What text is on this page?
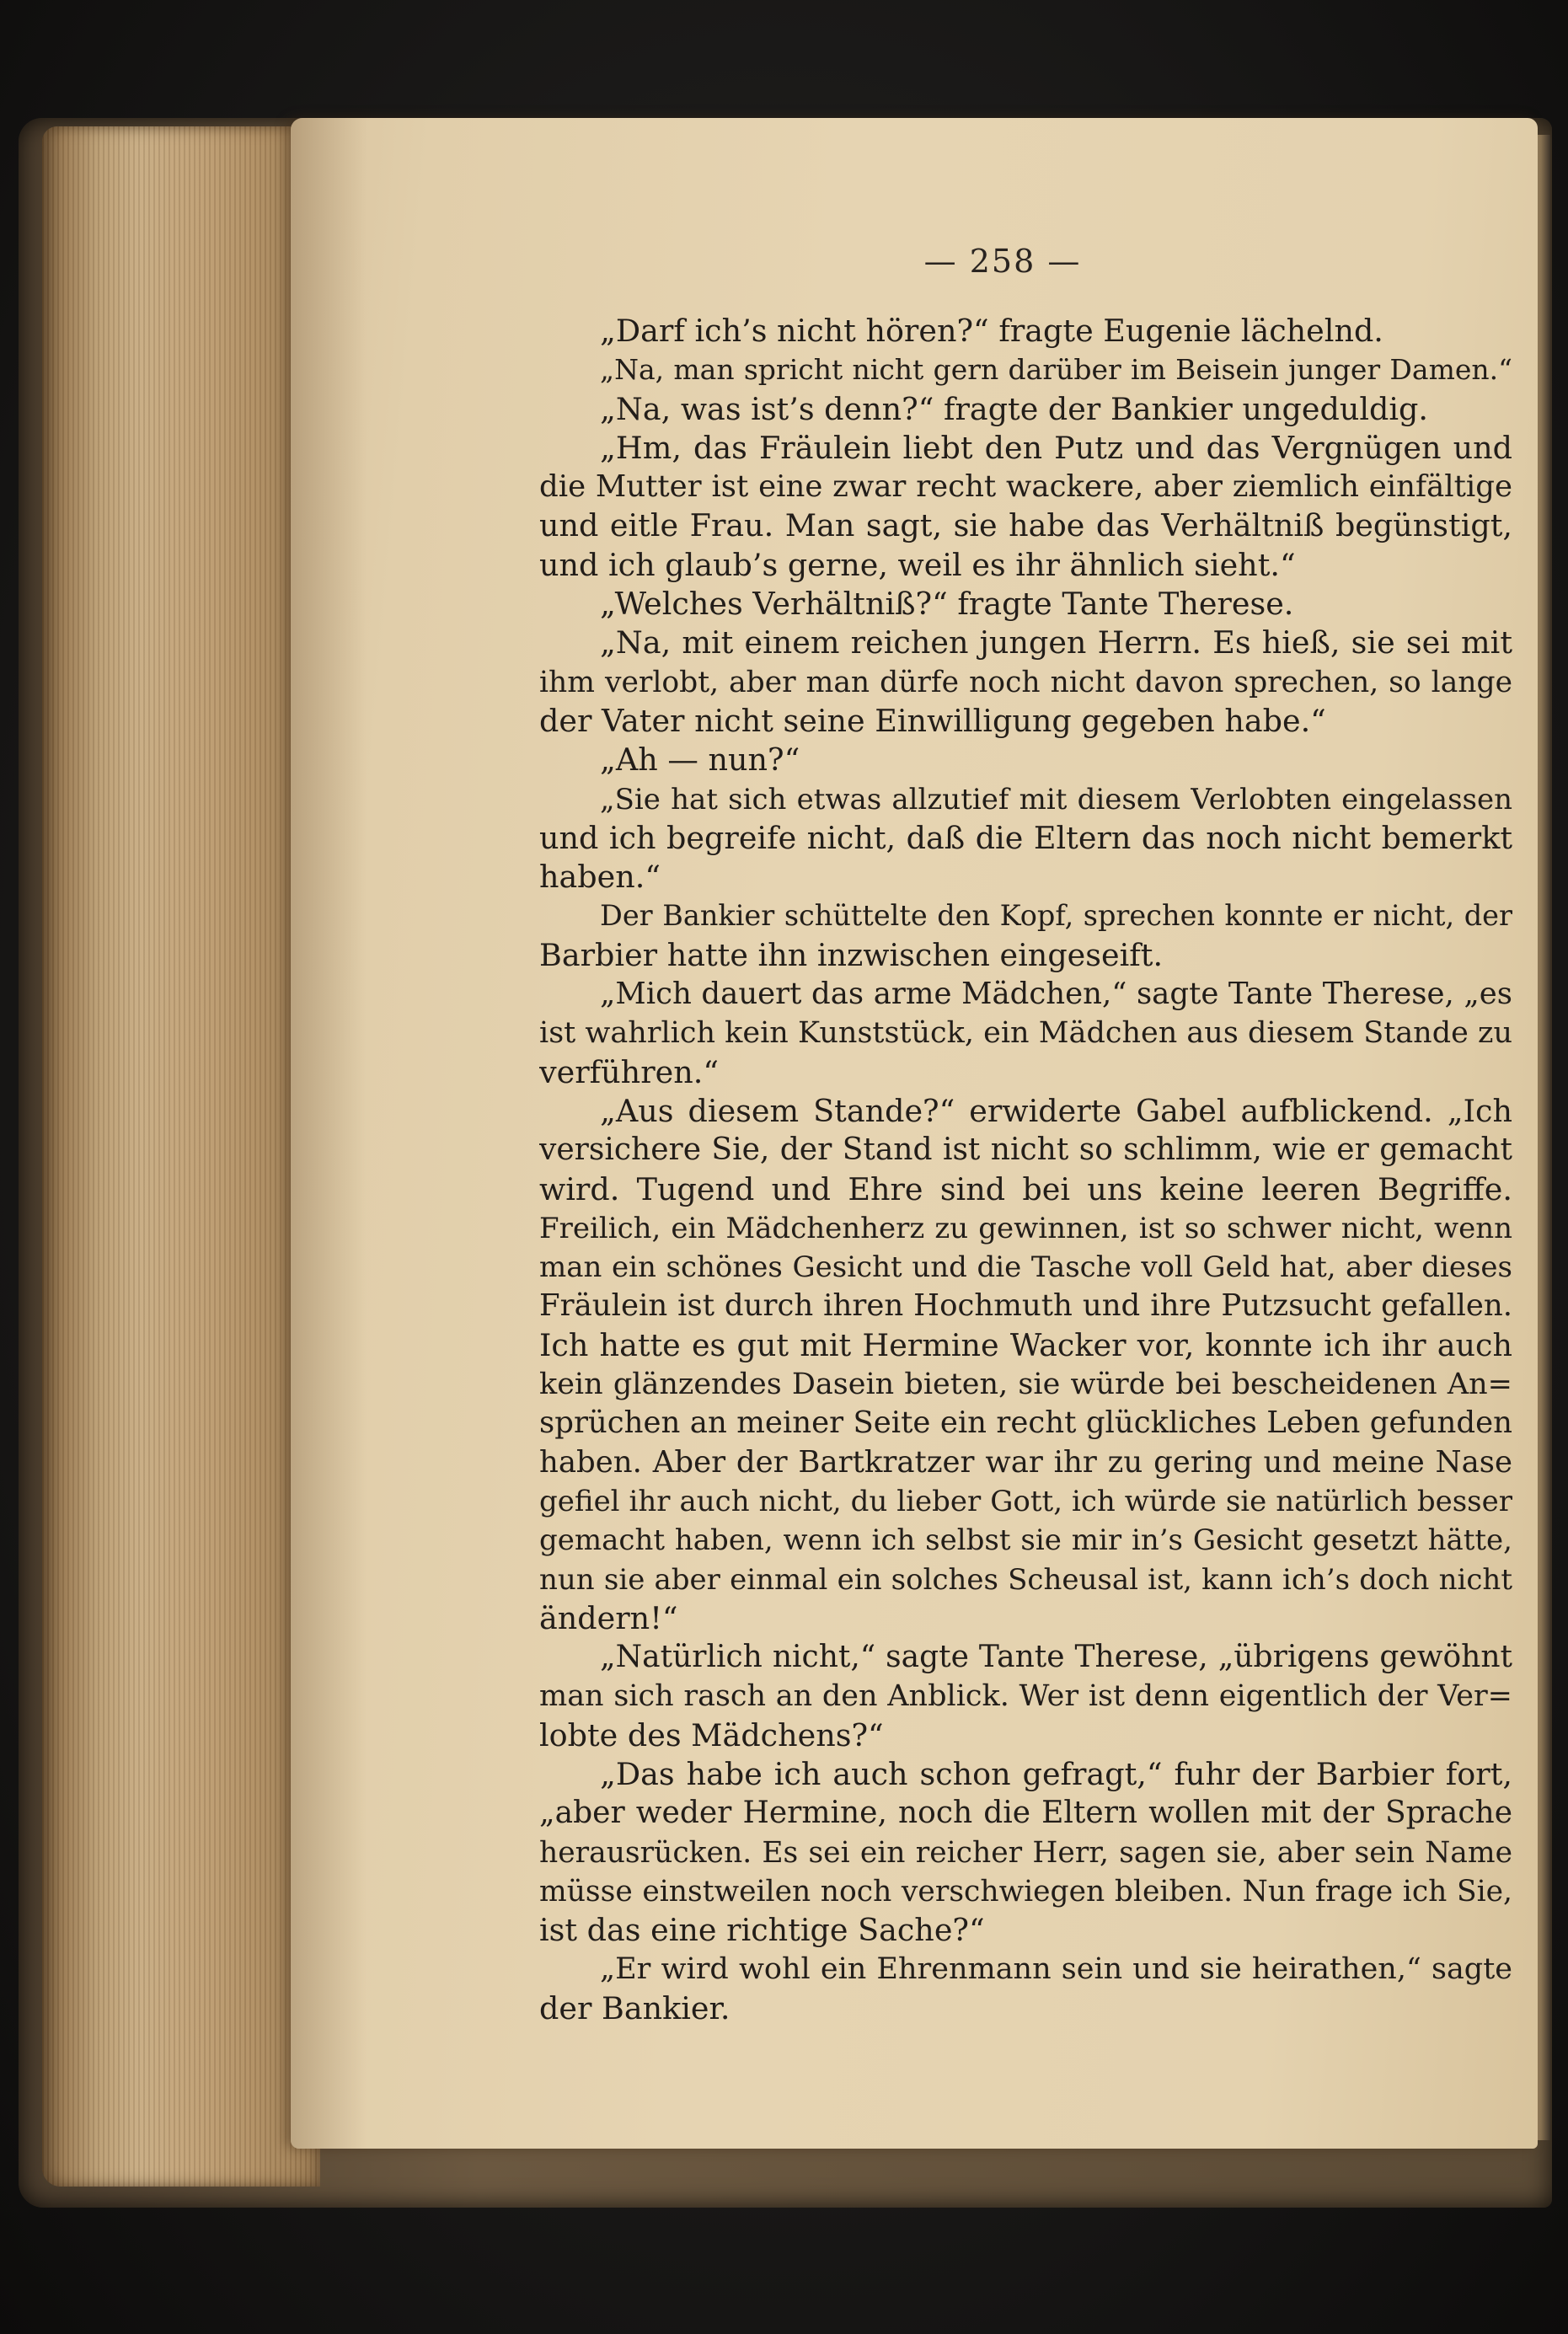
— 258 —
„Darf ich’s nicht hören?“ fragte Eugenie lächelnd.
„Na, man spricht nicht gern darüber im Beisein junger Damen.“
„Na, was ist’s denn?“ fragte der Bankier ungeduldig.
„Hm, das Fräulein liebt den Putz und das Vergnügen und
die Mutter ist eine zwar recht wackere, aber ziemlich einfältige
und eitle Frau. Man sagt, sie habe das Verhältniß begünstigt,
und ich glaub’s gerne, weil es ihr ähnlich sieht.“
„Welches Verhältniß?“ fragte Tante Therese.
„Na, mit einem reichen jungen Herrn. Es hieß, sie sei mit
ihm verlobt, aber man dürfe noch nicht davon sprechen, so lange
der Vater nicht seine Einwilligung gegeben habe.“
„Ah — nun?“
„Sie hat sich etwas allzutief mit diesem Verlobten eingelassen
und ich begreife nicht, daß die Eltern das noch nicht bemerkt
haben.“
Der Bankier schüttelte den Kopf, sprechen konnte er nicht, der
Barbier hatte ihn inzwischen eingeseift.
„Mich dauert das arme Mädchen,“ sagte Tante Therese, „es
ist wahrlich kein Kunststück, ein Mädchen aus diesem Stande zu
verführen.“
„Aus diesem Stande?“ erwiderte Gabel aufblickend. „Ich
versichere Sie, der Stand ist nicht so schlimm, wie er gemacht
wird. Tugend und Ehre sind bei uns keine leeren Begriffe.
Freilich, ein Mädchenherz zu gewinnen, ist so schwer nicht, wenn
man ein schönes Gesicht und die Tasche voll Geld hat, aber dieses
Fräulein ist durch ihren Hochmuth und ihre Putzsucht gefallen.
Ich hatte es gut mit Hermine Wacker vor, konnte ich ihr auch
kein glänzendes Dasein bieten, sie würde bei bescheidenen An=
sprüchen an meiner Seite ein recht glückliches Leben gefunden
haben. Aber der Bartkratzer war ihr zu gering und meine Nase
gefiel ihr auch nicht, du lieber Gott, ich würde sie natürlich besser
gemacht haben, wenn ich selbst sie mir in’s Gesicht gesetzt hätte,
nun sie aber einmal ein solches Scheusal ist, kann ich’s doch nicht
ändern!“
„Natürlich nicht,“ sagte Tante Therese, „übrigens gewöhnt
man sich rasch an den Anblick. Wer ist denn eigentlich der Ver=
lobte des Mädchens?“
„Das habe ich auch schon gefragt,“ fuhr der Barbier fort,
„aber weder Hermine, noch die Eltern wollen mit der Sprache
herausrücken. Es sei ein reicher Herr, sagen sie, aber sein Name
müsse einstweilen noch verschwiegen bleiben. Nun frage ich Sie,
ist das eine richtige Sache?“
„Er wird wohl ein Ehrenmann sein und sie heirathen,“ sagte
der Bankier.
